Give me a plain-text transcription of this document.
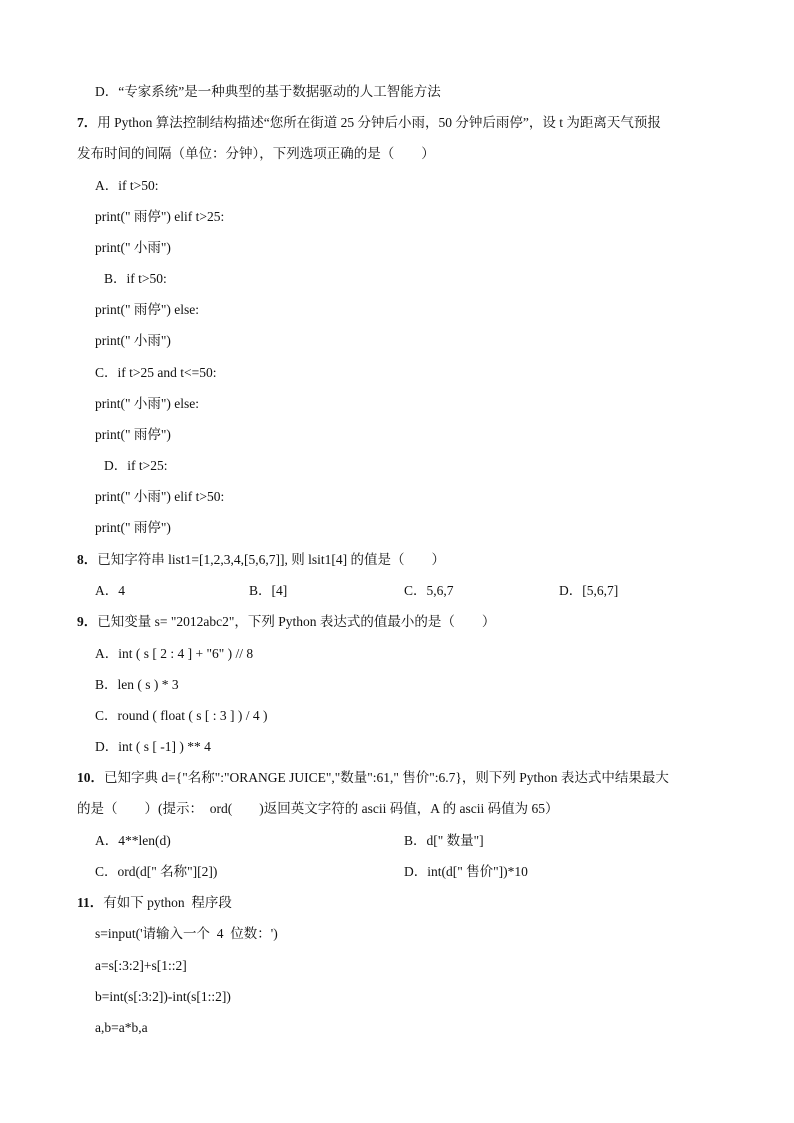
D．“专家系统”是一种典型的基于数据驱动的人工智能方法
7．用 Python 算法控制结构描述“您所在街道 25 分钟后小雨，50 分钟后雨停”，设 t 为距离天气预报
发布时间的间隔（单位：分钟），下列选项正确的是（　　）
A．if t>50:
print(" 雨停") elif t>25:
print(" 小雨")
B．if t>50:
print(" 雨停") else:
print(" 小雨")
C．if t>25 and t<=50:
print(" 小雨") else:
print(" 雨停")
D．if t>25:
print(" 小雨") elif t>50:
print(" 雨停")
8．已知字符串 list1=[1,2,3,4,[5,6,7]], 则 lsit1[4] 的值是（　　）
A．4	B．[4]	C．5,6,7	D．[5,6,7]
9．已知变量 s= "2012abc2"，下列 Python 表达式的值最小的是（　　）
A．int ( s [ 2 : 4 ] + "6" ) // 8
B．len ( s ) * 3
C．round ( float ( s [ : 3 ] ) / 4 )
D．int ( s [ -1] ) ** 4
10．已知字典 d={"名称":"ORANGE JUICE","数量":61," 售价":6.7}，则下列 Python 表达式中结果最大
的是（　　）(提示：  ord(　　)返回英文字符的 ascii 码值，A 的 ascii 码值为 65）
A．4**len(d)	B．d[" 数量"]
C．ord(d[" 名称"][2])	D．int(d[" 售价"])*10
11．有如下 python  程序段
s=input('请输入一个  4  位数：')
a=s[:3:2]+s[1::2]
b=int(s[:3:2])-int(s[1::2])
a,b=a*b,a
